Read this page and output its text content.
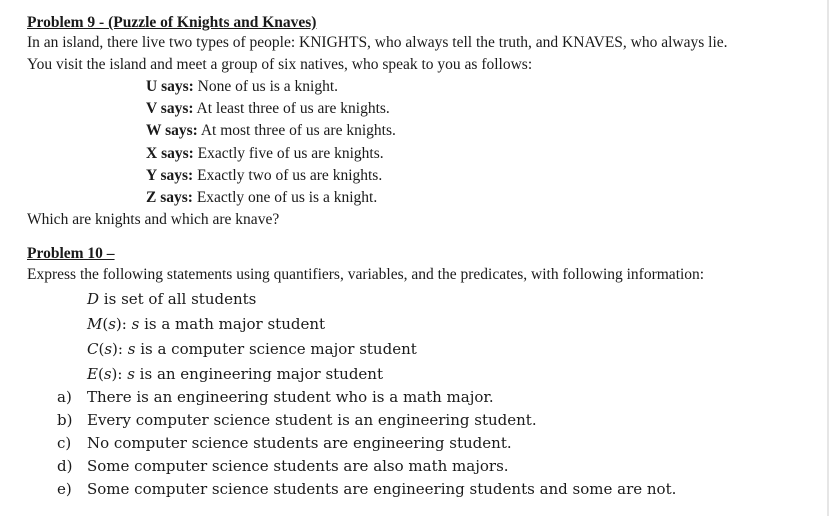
Problem 9 - (Puzzle of Knights and Knaves)
In an island, there live two types of people: KNIGHTS, who always tell the truth, and KNAVES, who always lie.
You visit the island and meet a group of six natives, who speak to you as follows:
U says: None of us is a knight.
V says: At least three of us are knights.
W says: At most three of us are knights.
X says: Exactly five of us are knights.
Y says: Exactly two of us are knights.
Z says: Exactly one of us is a knight.
Which are knights and which are knave?
Problem 10 –
Express the following statements using quantifiers, variables, and the predicates, with following information:
D is set of all students
M(s): s is a math major student
C(s): s is a computer science major student
E(s): s is an engineering major student
a) There is an engineering student who is a math major.
b) Every computer science student is an engineering student.
c) No computer science students are engineering student.
d) Some computer science students are also math majors.
e) Some computer science students are engineering students and some are not.
